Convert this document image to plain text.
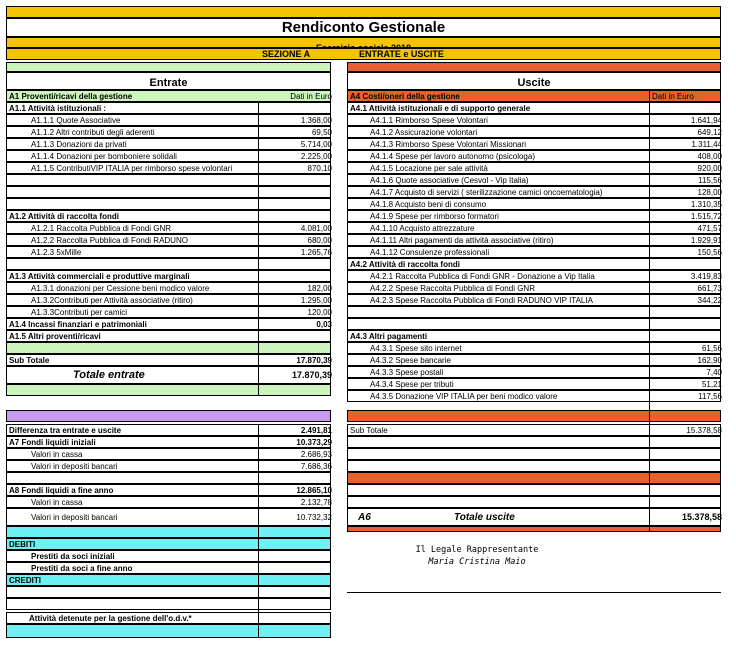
Rendiconto Gestionale
SEZIONE A	ENTRATE e USCITE
Entrate
A1 Proventi/ricavi della gestione	Dati in Euro
A1.1 Attività istituzionali :
A1.1.1 Quote Associative	1.368,00
A1.1.2 Altri contributi degli aderenti	69,50
A1.1.3 Donazioni da privati	5.714,00
A1.1.4 Donazioni per bomboniere solidali	2.225,00
A1.1.5 ContributiVIP ITALIA per rimborso spese volontari	870,10
A1.2 Attività di raccolta fondi
A1.2.1 Raccolta Pubblica di Fondi GNR	4.081,00
A1.2.2 Raccolta Pubblica di Fondi RADUNO	680,00
A1.2.3 5xMille	1.265,76
A1.3 Attività commerciali e produttive marginali
A1.3.1 donazioni per Cessione beni modico valore	182,00
A1.3.2Contributi per Attività associative (ritiro)	1.295,00
A1.3.3Contributi per camici	120,00
A1.4 Incassi finanziari e patrimoniali	0,03
A1.5 Altri proventi/ricavi
Sub Totale	17.870,39
Totale entrate	17.870,39
Differenza tra entrate e uscite	2.491,81
A7 Fondi liquidi iniziali	10.373,29
Valori in cassa	2.686,93
Valori in depositi bancari	7.686,36
A8 Fondi liquidi a fine anno	12.865,10
Valori in cassa	2.132,78
Valori in depositi bancari	10.732,32
DEBITI
Prestiti da soci iniziali
Prestiti da soci a fine anno
CREDITI
Attività detenute per la gestione dell'o.d.v.*
Uscite
A4 Costi/oneri della gestione	Dati in Euro
A4.1 Attività istituzionali e di supporto generale
A4.1.1 Rimborso Spese Volontari	1.641,94
A4.1.2 Assicurazione volontari	649,12
A4.1.3 Rimborso Spese Volontari Missionari	1.311,44
A4.1.4 Spese per lavoro autonomo (psicologa)	408,00
A4.1.5 Locazione per sale attività	920,00
A4.1.6 Quote associative (Cesvol - Vip Italia)	115,56
A4.1.7 Acquisto di servizi ( sterilizzazione camici oncoematologia)	128,00
A4.1.8 Acquisto beni di consumo	1.310,35
A4.1.9 Spese per rimborso formatori	1.515,72
A4.1.10 Acquisto attrezzature	471,57
A4.1.11 Altri pagamenti da attività associative (ritiro)	1.929,91
A4.1.12 Consulenze professionali	150,56
A4.2 Attività di raccolta fondi
A4.2.1 Raccolta Pubblica di Fondi GNR - Donazione a Vip Italia	3.419,83
A4.2.2 Spese Raccolta Pubblica di Fondi GNR	661,73
A4.2.3 Spese Raccolta Pubblica di Fondi RADUNO VIP ITALIA	344,22
A4.3 Altri pagamenti
A4.3.1 Spese sito internet	61,56
A4.3.2 Spese bancarie	162,90
A4.3.3 Spese postali	7,40
A4.3.4 Spese per tributi	51,21
A4.3.5 Donazione VIP ITALIA per beni modico valore	117,56
Sub Totale	15.378,58
A6	Totale uscite	15.378,58
Il Legale Rappresentante
Maria Cristina Maio
